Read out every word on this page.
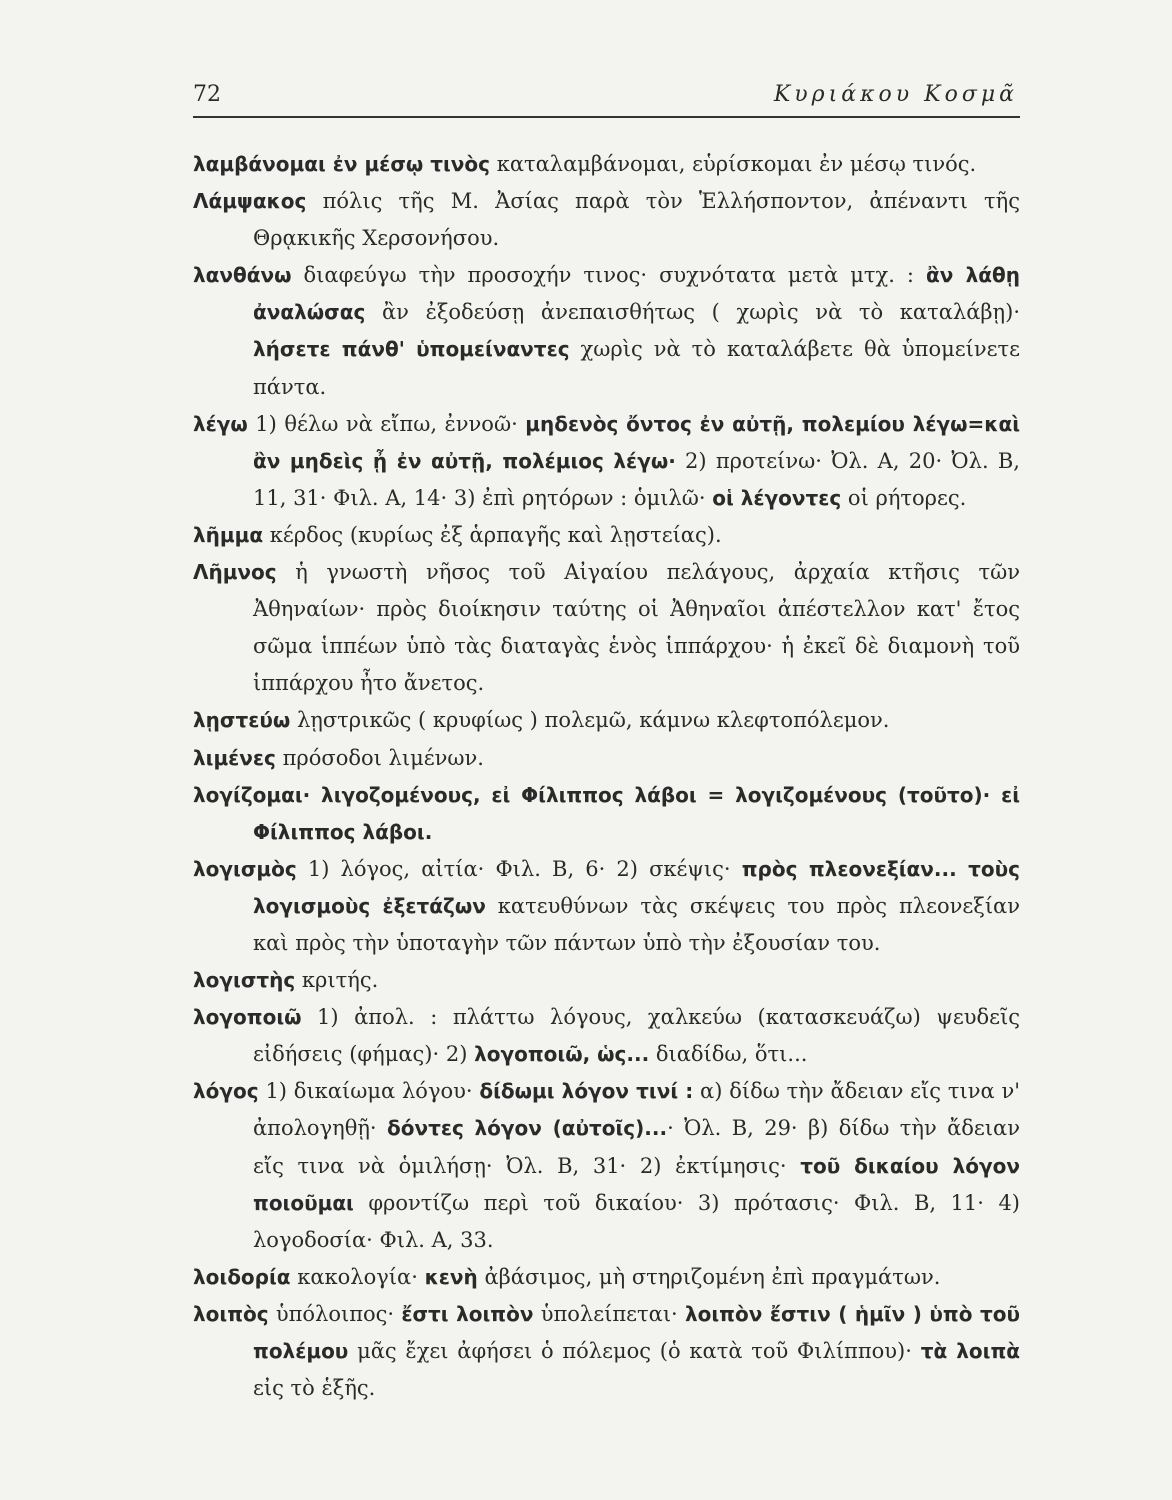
72	Κυριάκου Κοσμᾶ

λαμβάνομαι ἐν μέσῳ τινὸς καταλαμβάνομαι, εὑρίσκομαι ἐν μέσῳ τινός.

Λάμψακος πόλις τῆς Μ. Ἀσίας παρὰ τὸν Ἑλλήσποντον, ἀπέναντι τῆς Θρᾳκικῆς Χερσονήσου.

λανθάνω διαφεύγω τὴν προσοχήν τινος· συχνότατα μετὰ μτχ. : ἂν λάθῃ ἀναλώσας ἂν ἐξοδεύσῃ ἀνεπαισθήτως ( χωρὶς νὰ τὸ καταλάβῃ)· λήσετε πάνθ' ὑπομείναντες χωρὶς νὰ τὸ καταλάβετε θὰ ὑπομείνετε πάντα.

λέγω 1) θέλω νὰ εἴπω, ἐννοῶ· μηδενὸς ὄντος ἐν αὐτῇ, πολεμίου λέγω=καὶ ἂν μηδεὶς ᾖ ἐν αὐτῇ, πολέμιος λέγω· 2) προτείνω· Ὀλ. Α, 20· Ὀλ. Β, 11, 31· Φιλ. Α, 14· 3) ἐπὶ ρητόρων : ὁμιλῶ· οἱ λέγοντες οἱ ρήτορες.

λῆμμα κέρδος (κυρίως ἐξ ἁρπαγῆς καὶ λῃστείας).

Λῆμνος ἡ γνωστὴ νῆσος τοῦ Αἰγαίου πελάγους, ἀρχαία κτῆσις τῶν Ἀθηναίων· πρὸς διοίκησιν ταύτης οἱ Ἀθηναῖοι ἀπέστελλον κατ' ἔτος σῶμα ἱππέων ὑπὸ τὰς διαταγὰς ἑνὸς ἱππάρχου· ἡ ἐκεῖ δὲ διαμονὴ τοῦ ἱππάρχου ἦτο ἄνετος.

λῃστεύω λῃστρικῶς ( κρυφίως ) πολεμῶ, κάμνω κλεφτοπόλεμον.

λιμένες πρόσοδοι λιμένων.

λογίζομαι· λιγοζομένους, εἰ Φίλιππος λάβοι = λογιζομένους (τοῦτο)· εἰ Φίλιππος λάβοι.

λογισμὸς 1) λόγος, αἰτία· Φιλ. Β, 6· 2) σκέψις· πρὸς πλεονεξίαν... τοὺς λογισμοὺς ἐξετάζων κατευθύνων τὰς σκέψεις του πρὸς πλεονεξίαν καὶ πρὸς τὴν ὑποταγὴν τῶν πάντων ὑπὸ τὴν ἐξουσίαν του.

λογιστὴς κριτής.

λογοποιῶ 1) ἀπολ. : πλάττω λόγους, χαλκεύω (κατασκευάζω) ψευδεῖς εἰδήσεις (φήμας)· 2) λογοποιῶ, ὡς... διαδίδω, ὅτι...

λόγος 1) δικαίωμα λόγου· δίδωμι λόγον τινί : α) δίδω τὴν ἄδειαν εἴς τινα ν' ἀπολογηθῇ· δόντες λόγον (αὐτοῖς)...· Ὀλ. Β, 29· β) δίδω τὴν ἄδειαν εἴς τινα νὰ ὁμιλήσῃ· Ὀλ. Β, 31· 2) ἐκτίμησις· τοῦ δικαίου λόγον ποιοῦμαι φροντίζω περὶ τοῦ δικαίου· 3) πρότασις· Φιλ. Β, 11· 4) λογοδοσία· Φιλ. Α, 33.

λοιδορία κακολογία· κενὴ ἀβάσιμος, μὴ στηριζομένη ἐπὶ πραγμάτων.

λοιπὸς ὑπόλοιπος· ἔστι λοιπὸν ὑπολείπεται· λοιπὸν ἔστιν ( ἡμῖν ) ὑπὸ τοῦ πολέμου μᾶς ἔχει ἀφήσει ὁ πόλεμος (ὁ κατὰ τοῦ Φιλίππου)· τὰ λοιπὰ εἰς τὸ ἑξῆς.
